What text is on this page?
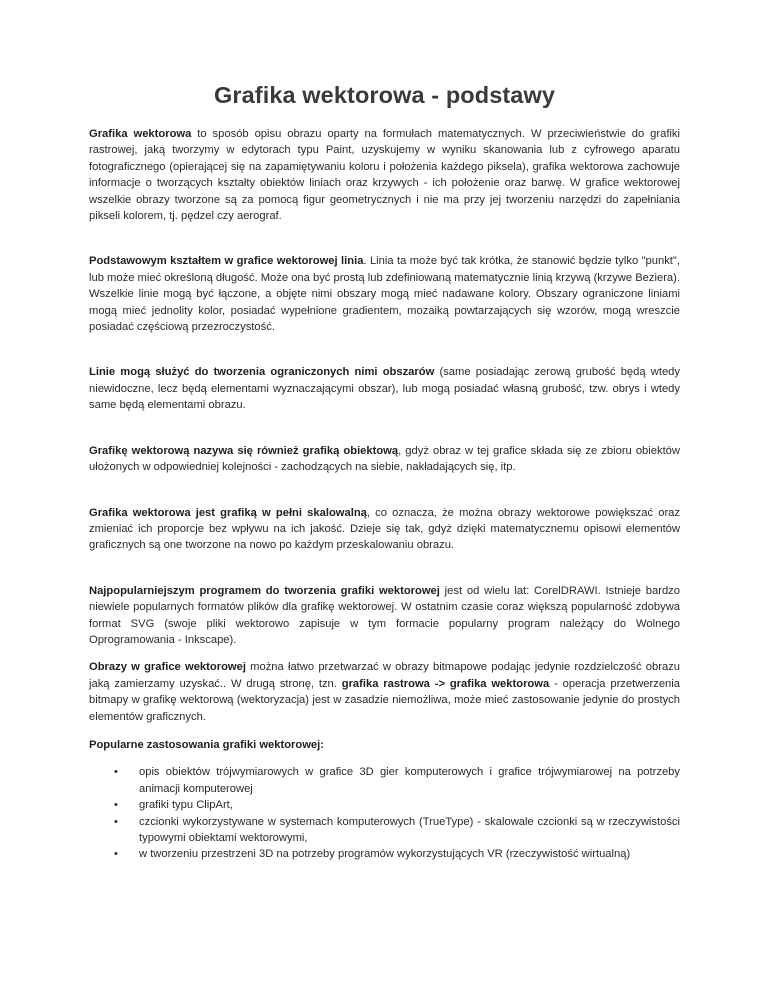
Grafika wektorowa - podstawy

Grafika wektorowa to sposób opisu obrazu oparty na formułach matematycznych. W przeciwieństwie do grafiki rastrowej, jaką tworzymy w edytorach typu Paint, uzyskujemy w wyniku skanowania lub z cyfrowego aparatu fotograficznego (opierającej się na zapamiętywaniu koloru i położenia każdego piksela), grafika wektorowa zachowuje informacje o tworzących kształty obiektów liniach oraz krzywych - ich położenie oraz barwę. W grafice wektorowej wszelkie obrazy tworzone są za pomocą figur geometrycznych i nie ma przy jej tworzeniu narzędzi do zapełniania pikseli kolorem, tj. pędzel czy aerograf.

Podstawowym kształtem w grafice wektorowej linia. Linia ta może być tak krótka, że stanowić będzie tylko "punkt", lub może mieć określoną długość. Może ona być prostą lub zdefiniowaną matematycznie linią krzywą (krzywe Beziera). Wszelkie linie mogą być łączone, a objęte nimi obszary mogą mieć nadawane kolory. Obszary ograniczone liniami mogą mieć jednolity kolor, posiadać wypełnione gradientem, mozaiką powtarzających się wzorów, mogą wreszcie posiadać częściową przezroczystość.

Linie mogą służyć do tworzenia ograniczonych nimi obszarów (same posiadając zerową grubość będą wtedy niewidoczne, lecz będą elementami wyznaczającymi obszar), lub mogą posiadać własną grubość, tzw. obrys i wtedy same będą elementami obrazu.

Grafikę wektorową nazywa się również grafiką obiektową, gdyż obraz w tej grafice składa się ze zbioru obiektów ułożonych w odpowiedniej kolejności - zachodzących na siebie, nakładających się, itp.

Grafika wektorowa jest grafiką w pełni skalowalną, co oznacza, że można obrazy wektorowe powiększać oraz zmieniać ich proporcje bez wpływu na ich jakość. Dzieje się tak, gdyż dzięki matematycznemu opisowi elementów graficznych są one tworzone na nowo po każdym przeskalowaniu obrazu.

Najpopularniejszym programem do tworzenia grafiki wektorowej jest od wielu lat: CorelDRAWI. Istnieje bardzo niewiele popularnych formatów plików dla grafikę wektorowej. W ostatnim czasie coraz większą popularność zdobywa format SVG (swoje pliki wektorowo zapisuje w tym formacie popularny program należący do Wolnego Oprogramowania - Inkscape).

Obrazy w grafice wektorowej można łatwo przetwarzać w obrazy bitmapowe podając jedynie rozdzielczość obrazu jaką zamierzamy uzyskać.. W drugą stronę, tzn. grafika rastrowa -> grafika wektorowa - operacja przetwerzenia bitmapy w grafikę wektorową (wektoryzacja) jest w zasadzie niemożliwa, może mieć zastosowanie jedynie do prostych elementów graficznych.

Popularne zastosowania grafiki wektorowej:
• opis obiektów trójwymiarowych w grafice 3D gier komputerowych i grafice trójwymiarowej na potrzeby animacji komputerowej
• grafiki typu ClipArt,
• czcionki wykorzystywane w systemach komputerowych (TrueType) - skalowale czcionki są w rzeczywistości typowymi obiektami wektorowymi,
• w tworzeniu przestrzeni 3D na potrzeby programów wykorzystujących VR (rzeczywistość wirtualną)
